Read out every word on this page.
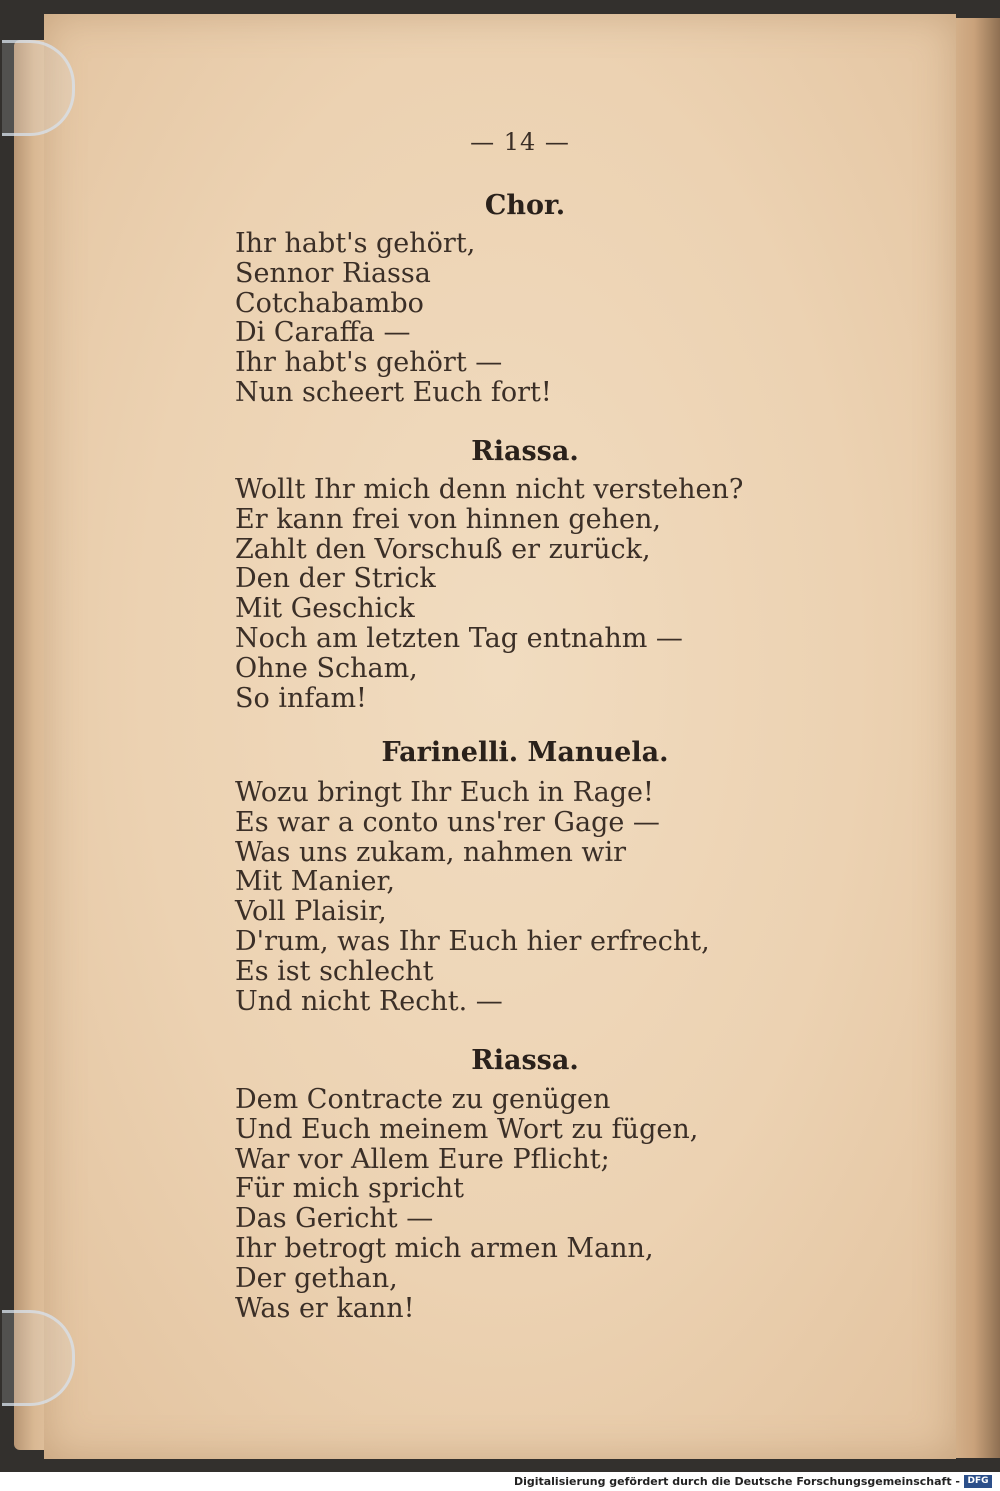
— 14 —
Chor.
Ihr habt's gehört,
Sennor Riassa
Cotchabambo
Di Caraffa —
Ihr habt's gehört —
Nun scheert Euch fort!
Riassa.
Wollt Ihr mich denn nicht verstehen?
Er kann frei von hinnen gehen,
Zahlt den Vorschuß er zurück,
Den der Strick
Mit Geschick
Noch am letzten Tag entnahm —
Ohne Scham,
So infam!
Farinelli. Manuela.
Wozu bringt Ihr Euch in Rage!
Es war a conto uns'rer Gage —
Was uns zukam, nahmen wir
Mit Manier,
Voll Plaisir,
D'rum, was Ihr Euch hier erfrecht,
Es ist schlecht
Und nicht Recht. —
Riassa.
Dem Contracte zu genügen
Und Euch meinem Wort zu fügen,
War vor Allem Eure Pflicht;
Für mich spricht
Das Gericht —
Ihr betrogt mich armen Mann,
Der gethan,
Was er kann!
Digitalisierung gefördert durch die Deutsche Forschungsgemeinschaft - DFG
